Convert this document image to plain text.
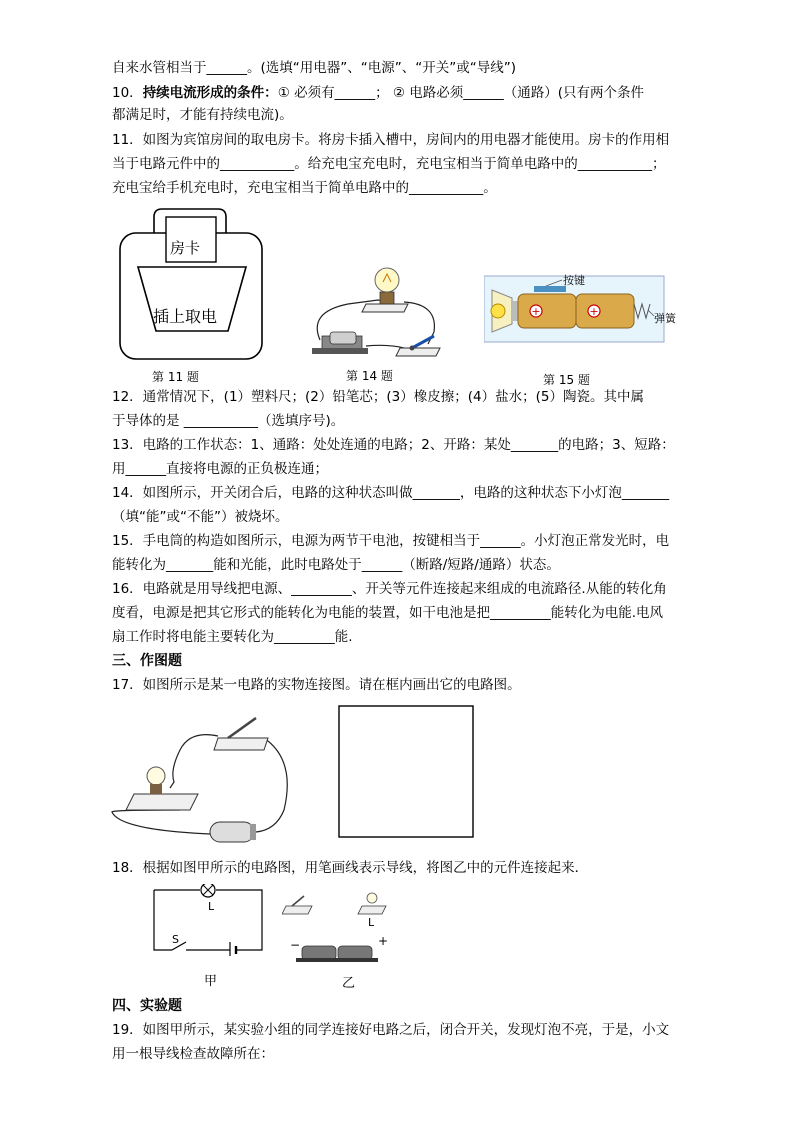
自来水管相当于______。(选填“用电器”、“电源”、“开关”或“导线”)
10．持续电流形成的条件：① 必须有______； ② 电路必须______（通路）(只有两个条件
都满足时，才能有持续电流)。
11．如图为宾馆房间的取电房卡。将房卡插入槽中，房间内的用电器才能使用。房卡的作用相
当于电路元件中的___________。给充电宝充电时，充电宝相当于简单电路中的___________；
充电宝给手机充电时，充电宝相当于简单电路中的___________。
房卡
插上取电
第 11 题	第 14 题
+	+
按键
弹簧
第 15 题
12．通常情况下，(1）塑料尺；(2）铅笔芯；(3）橡皮擦；(4）盐水；(5）陶瓷。其中属
于导体的是 ___________（选填序号)。
13．电路的工作状态：1、通路：处处连通的电路；2、开路：某处_______的电路；3、短路：
用______直接将电源的正负极连通；
14．如图所示，开关闭合后，电路的这种状态叫做_______，电路的这种状态下小灯泡_______
（填“能”或“不能”）被烧坏。
15．手电筒的构造如图所示，电源为两节干电池，按键相当于______。小灯泡正常发光时，电
能转化为_______能和光能，此时电路处于______（断路/短路/通路）状态。
16．电路就是用导线把电源、_________、开关等元件连接起来组成的电流路径.从能的转化角
度看，电源是把其它形式的能转化为电能的装置，如干电池是把_________能转化为电能.电风
扇工作时将电能主要转化为_________能.
三、作图题
17．如图所示是某一电路的实物连接图。请在框内画出它的电路图。
18．根据如图甲所示的电路图，用笔画线表示导线，将图乙中的元件连接起来．
L
S
甲
L
−	+
乙
四、实验题
19．如图甲所示，某实验小组的同学连接好电路之后，闭合开关，发现灯泡不亮，于是，小文
用一根导线检查故障所在：
